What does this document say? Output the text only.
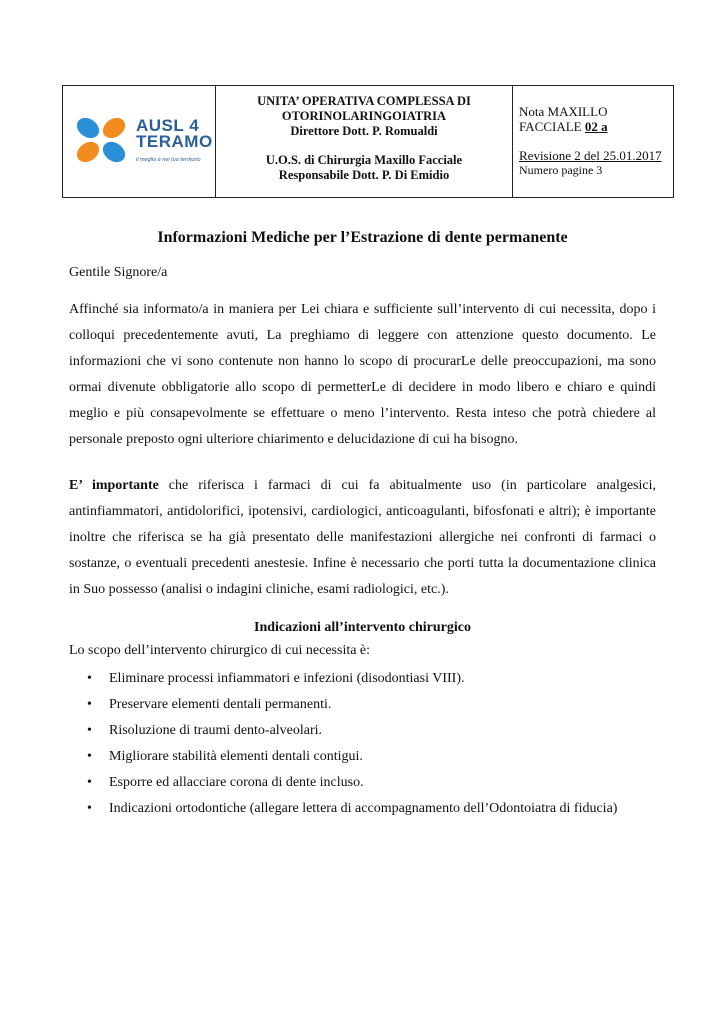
AUSL 4
TERAMO
il meglio è nel tuo territorio
UNITA’ OPERATIVA COMPLESSA DI
OTORINOLARINGOIATRIA
Direttore Dott. P. Romualdi
U.O.S. di Chirurgia Maxillo Facciale
Responsabile Dott. P. Di Emidio
Nota MAXILLO
FACCIALE 02 a
Revisione 2 del 25.01.2017
Numero pagine 3
Informazioni Mediche per l’Estrazione di dente permanente
Gentile Signore/a
Affinché sia informato/a in maniera per Lei chiara e sufficiente sull’intervento di cui necessita, dopo i colloqui precedentemente avuti, La preghiamo di leggere con attenzione questo documento. Le informazioni che vi sono contenute non hanno lo scopo di procurarLe delle preoccupazioni, ma sono ormai divenute obbligatorie allo scopo di permetterLe di decidere in modo libero e chiaro e quindi meglio e più consapevolmente se effettuare o meno l’intervento. Resta inteso che potrà chiedere al personale preposto ogni ulteriore chiarimento e delucidazione di cui ha bisogno.
E’ importante che riferisca i farmaci di cui fa abitualmente uso (in particolare analgesici, antinfiammatori, antidolorifici, ipotensivi, cardiologici, anticoagulanti, bifosfonati e altri); è importante inoltre che riferisca se ha già presentato delle manifestazioni allergiche nei confronti di farmaci o sostanze, o eventuali precedenti anestesie. Infine è necessario che porti tutta la documentazione clinica in Suo possesso (analisi o indagini cliniche, esami radiologici, etc.).
Indicazioni all’intervento chirurgico
Lo scopo dell’intervento chirurgico di cui necessita è:
• Eliminare processi infiammatori e infezioni (disodontiasi VIII).
• Preservare elementi dentali permanenti.
• Risoluzione di traumi dento-alveolari.
• Migliorare stabilità elementi dentali contigui.
• Esporre ed allacciare corona di dente incluso.
• Indicazioni ortodontiche (allegare lettera di accompagnamento dell’Odontoiatra di fiducia)
